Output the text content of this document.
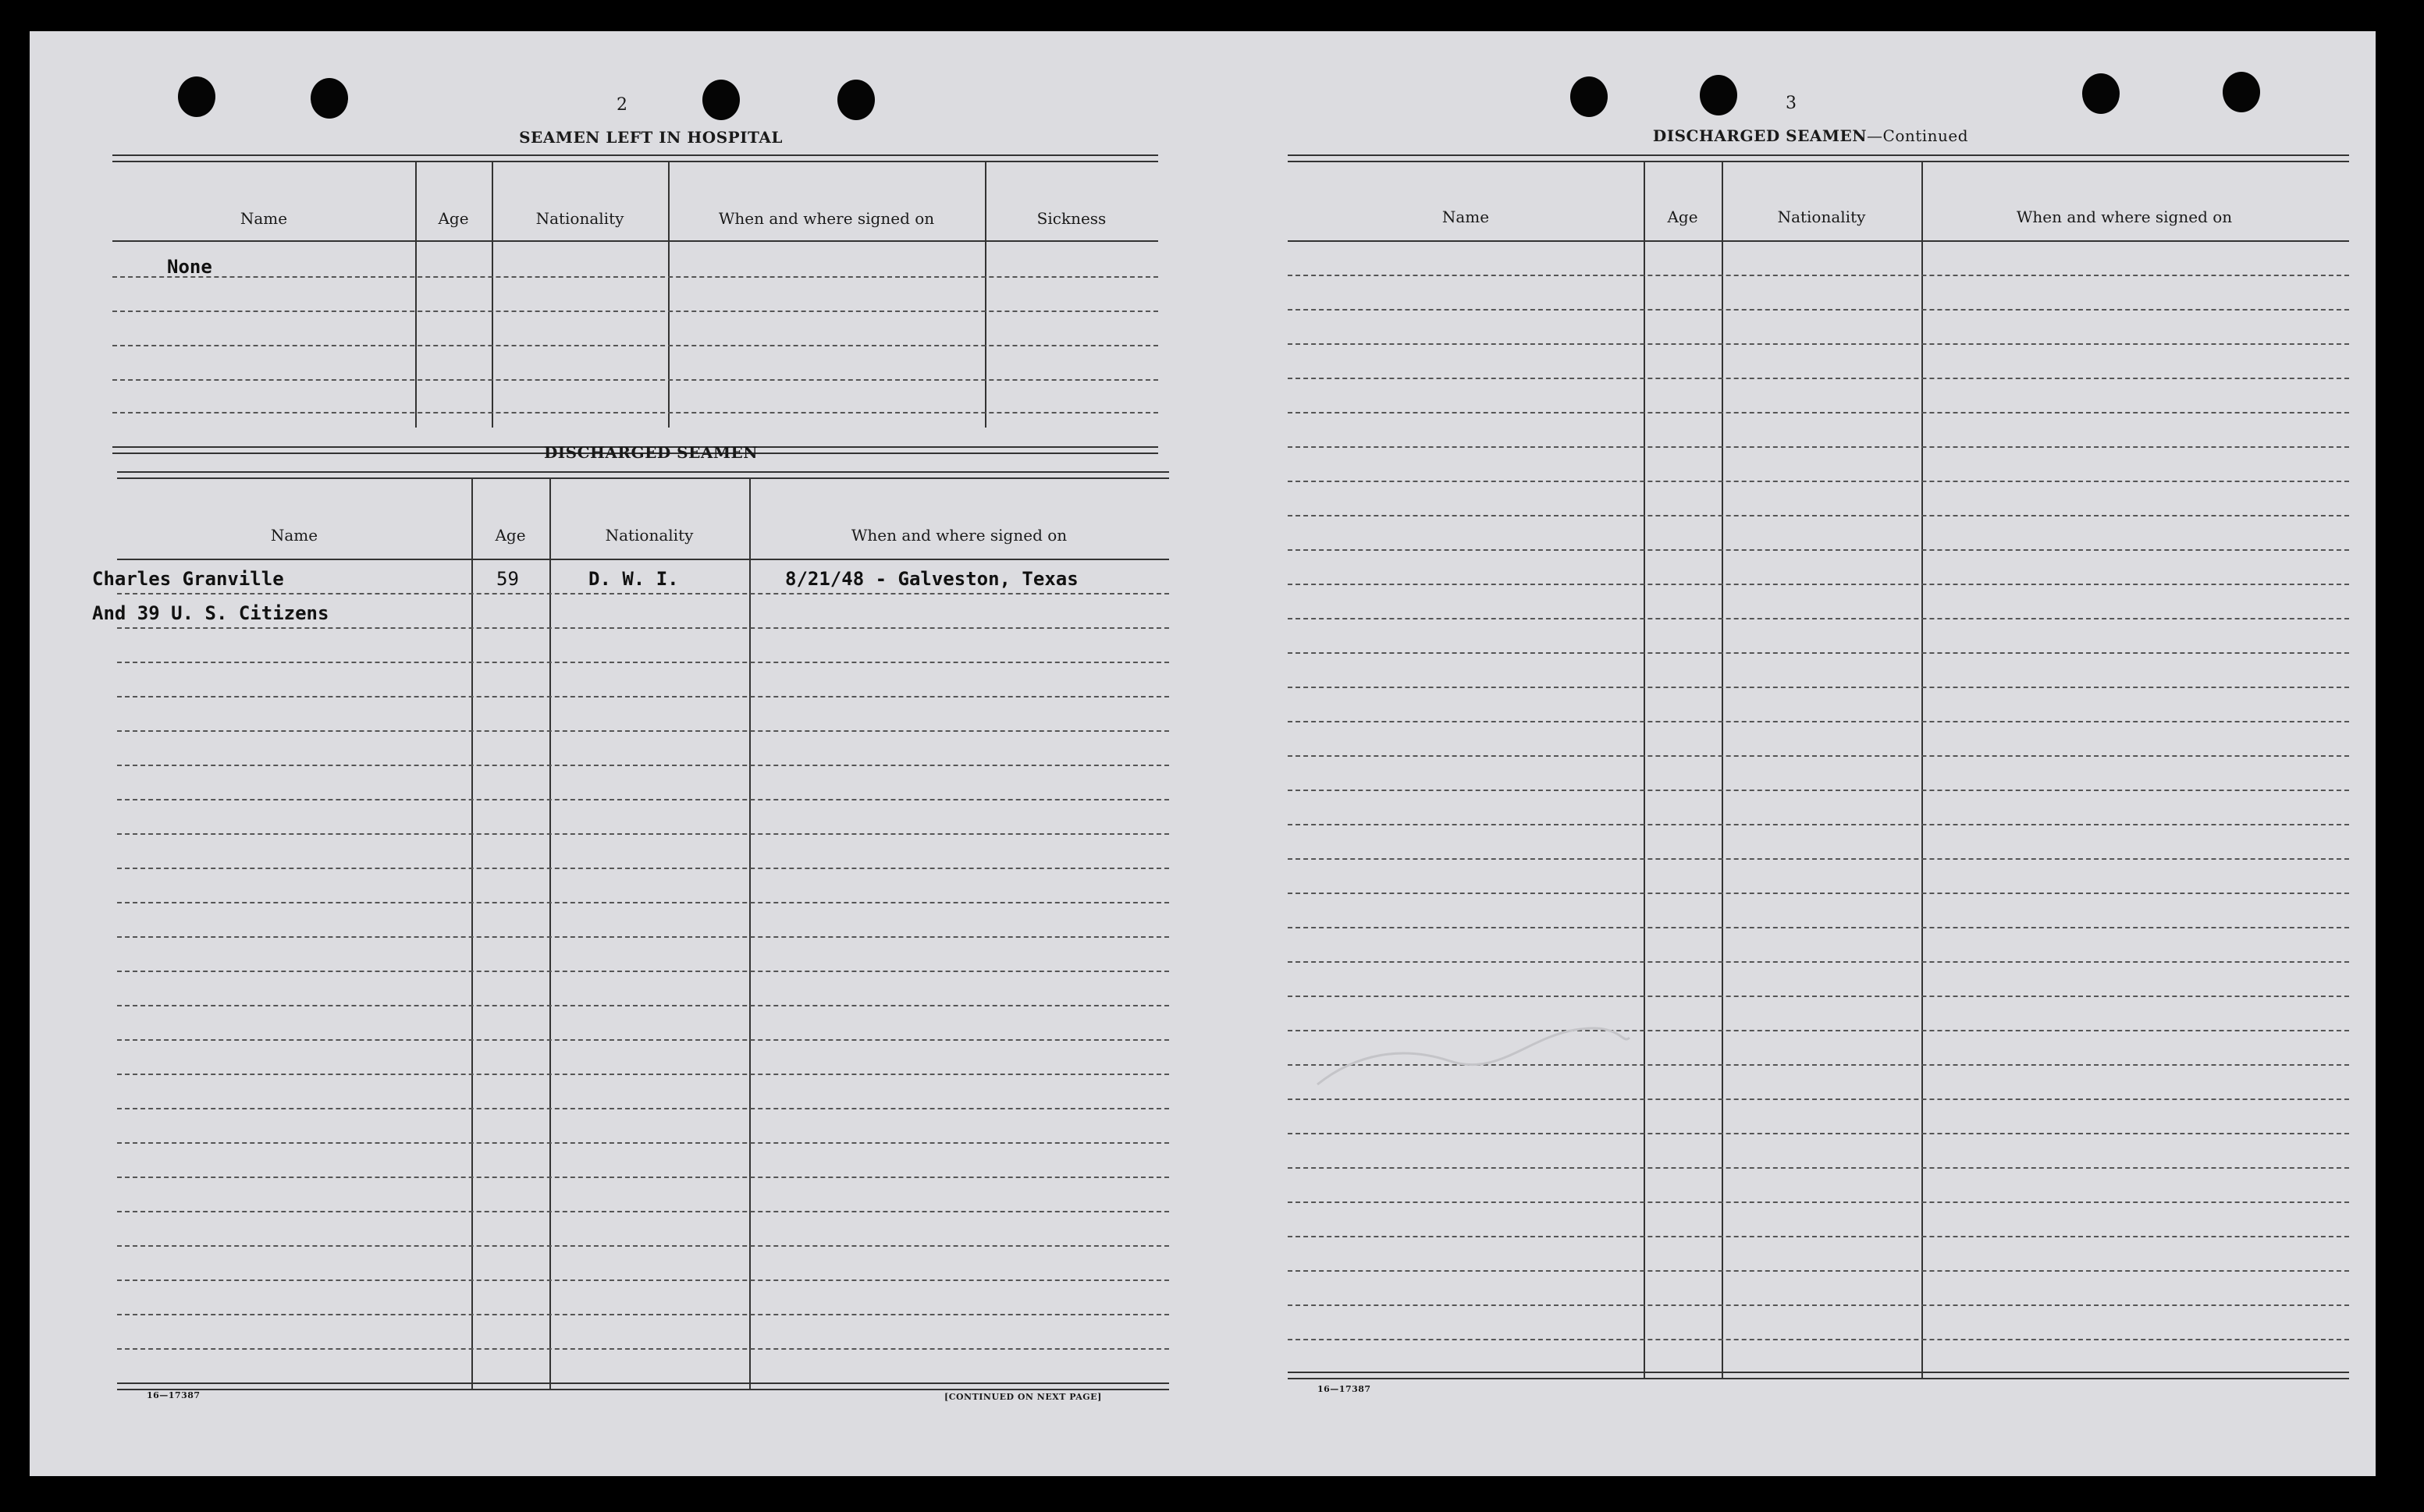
2
SEAMEN LEFT IN HOSPITAL
Name	Age	Nationality	When and where signed on	Sickness
None
DISCHARGED SEAMEN
Name	Age	Nationality	When and where signed on
Charles Granville	59	D. W. I.	8/21/48 - Galveston, Texas
And 39 U. S. Citizens
16—17387	[CONTINUED ON NEXT PAGE]
3
DISCHARGED SEAMEN—Continued
Name	Age	Nationality	When and where signed on
16—17387
